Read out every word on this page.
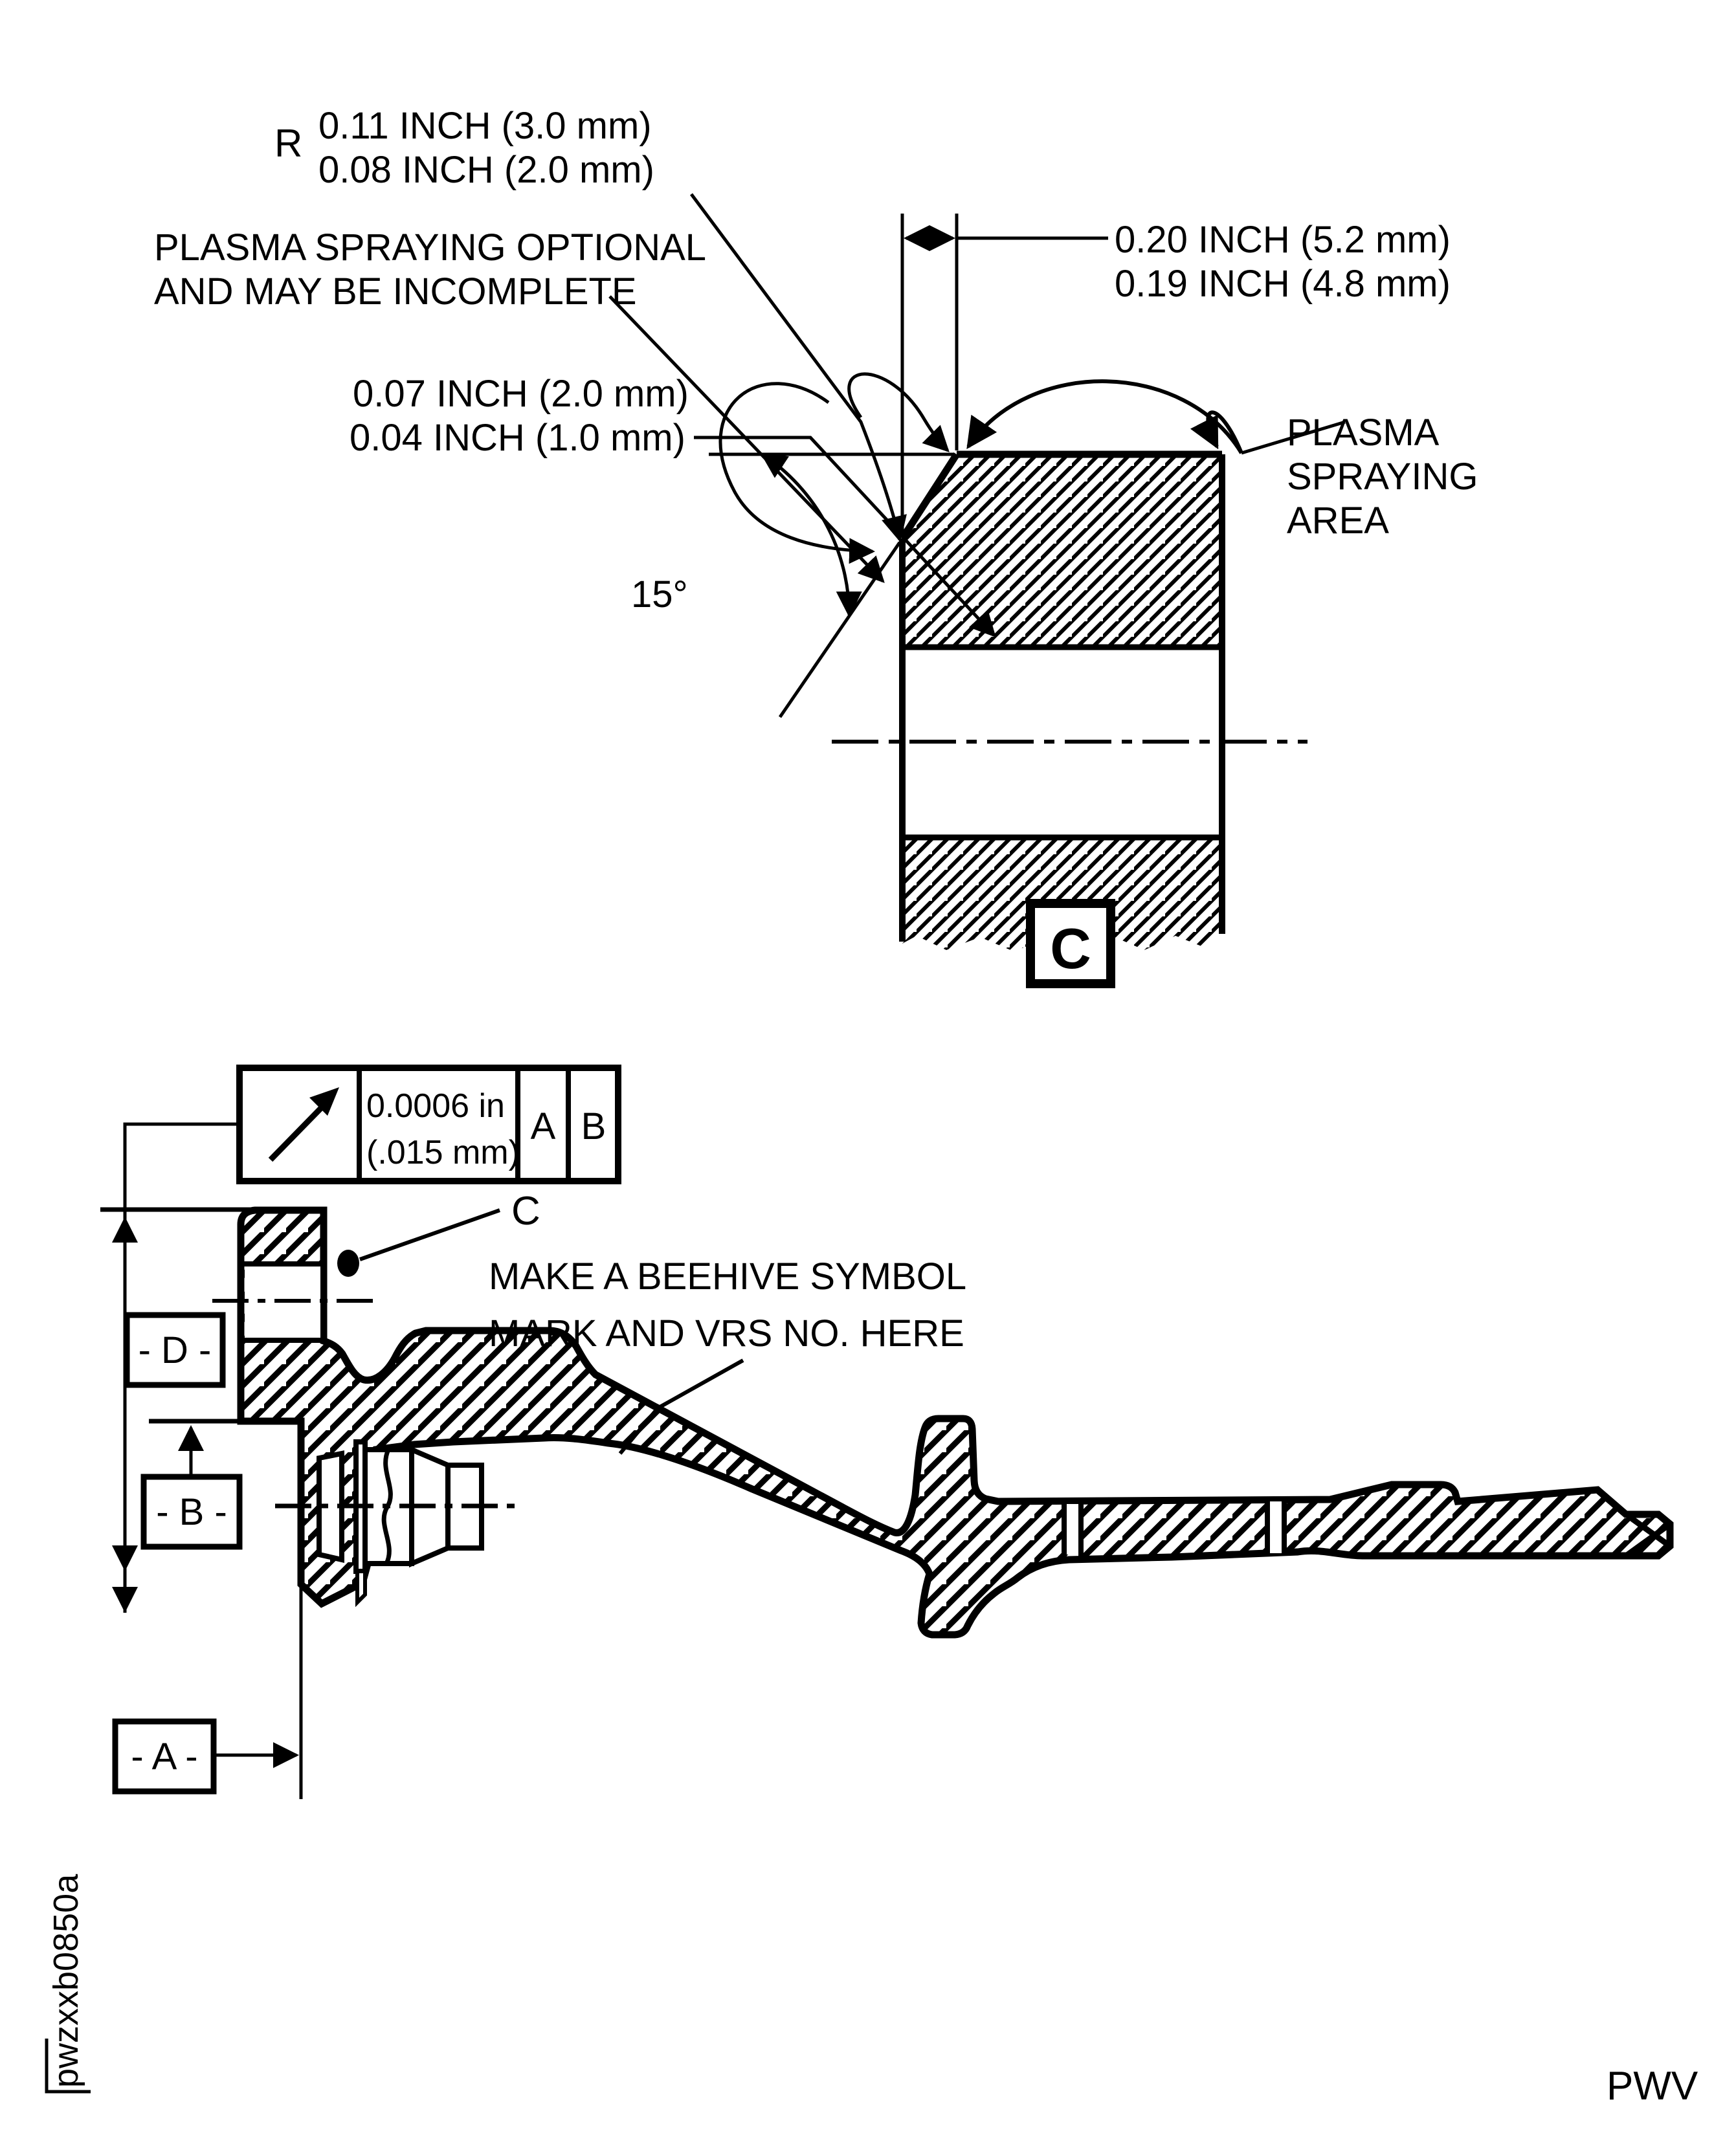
C
R 0.11 INCH (3.0 mm)
0.08 INCH (2.0 mm)
PLASMA SPRAYING OPTIONAL
AND MAY BE INCOMPLETE
0.07 INCH (2.0 mm)
0.04 INCH (1.0 mm)
0.20 INCH (5.2 mm)
0.19 INCH (4.8 mm)
PLASMA
SPRAYING
AREA
15°
0.0006 in
(.015 mm)
A B
- D -
- B -
- A -
C
MAKE A BEEHIVE SYMBOL
MARK AND VRS NO. HERE
pwzxxb0850a	PWV
